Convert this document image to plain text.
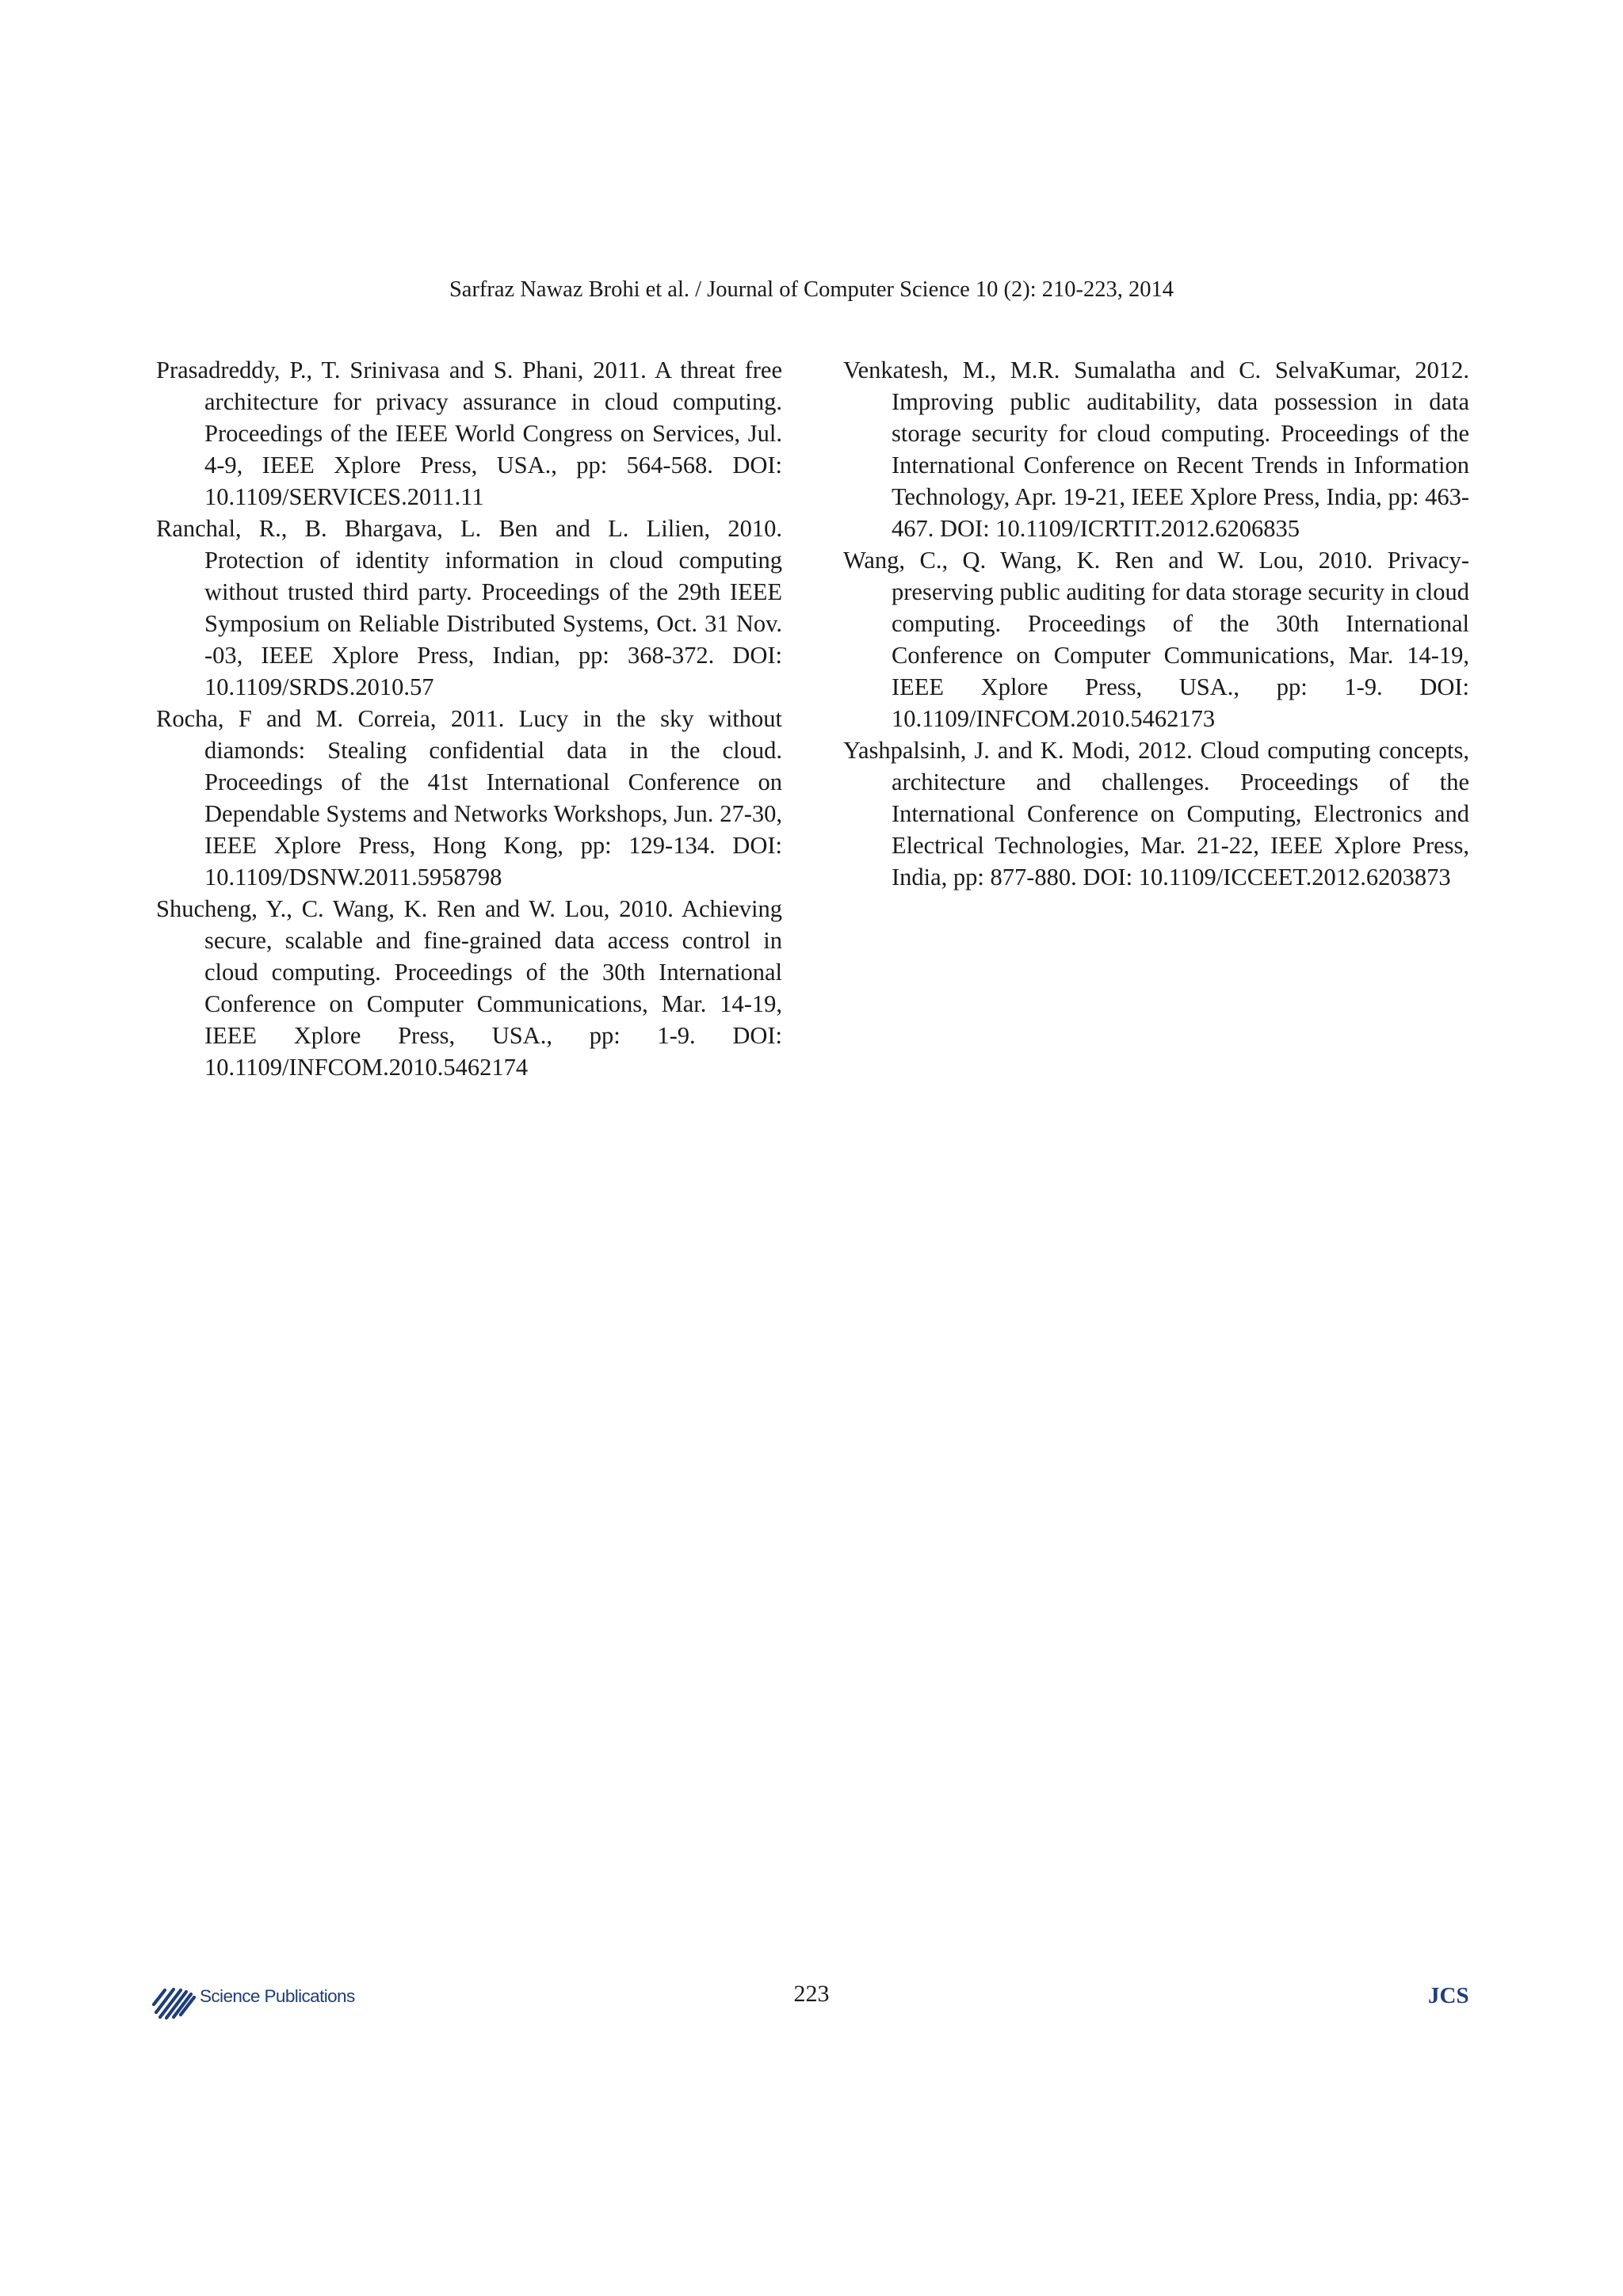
Sarfraz Nawaz Brohi et al. / Journal of Computer Science 10 (2): 210-223, 2014

Prasadreddy, P., T. Srinivasa and S. Phani, 2011. A threat free architecture for privacy assurance in cloud computing. Proceedings of the IEEE World Congress on Services, Jul. 4-9, IEEE Xplore Press, USA., pp: 564-568. DOI: 10.1109/SERVICES.2011.11

Ranchal, R., B. Bhargava, L. Ben and L. Lilien, 2010. Protection of identity information in cloud computing without trusted third party. Proceedings of the 29th IEEE Symposium on Reliable Distributed Systems, Oct. 31 Nov. -03, IEEE Xplore Press, Indian, pp: 368-372. DOI: 10.1109/SRDS.2010.57

Rocha, F and M. Correia, 2011. Lucy in the sky without diamonds: Stealing confidential data in the cloud. Proceedings of the 41st International Conference on Dependable Systems and Networks Workshops, Jun. 27-30, IEEE Xplore Press, Hong Kong, pp: 129-134. DOI: 10.1109/DSNW.2011.5958798

Shucheng, Y., C. Wang, K. Ren and W. Lou, 2010. Achieving secure, scalable and fine-grained data access control in cloud computing. Proceedings of the 30th International Conference on Computer Communications, Mar. 14-19, IEEE Xplore Press, USA., pp: 1-9. DOI: 10.1109/INFCOM.2010.5462174

Venkatesh, M., M.R. Sumalatha and C. SelvaKumar, 2012. Improving public auditability, data possession in data storage security for cloud computing. Proceedings of the International Conference on Recent Trends in Information Technology, Apr. 19-21, IEEE Xplore Press, India, pp: 463-467. DOI: 10.1109/ICRTIT.2012.6206835

Wang, C., Q. Wang, K. Ren and W. Lou, 2010. Privacy-preserving public auditing for data storage security in cloud computing. Proceedings of the 30th International Conference on Computer Communications, Mar. 14-19, IEEE Xplore Press, USA., pp: 1-9. DOI: 10.1109/INFCOM.2010.5462173

Yashpalsinh, J. and K. Modi, 2012. Cloud computing concepts, architecture and challenges. Proceedings of the International Conference on Computing, Electronics and Electrical Technologies, Mar. 21-22, IEEE Xplore Press, India, pp: 877-880. DOI: 10.1109/ICCEET.2012.6203873

Science Publications	223	JCS
